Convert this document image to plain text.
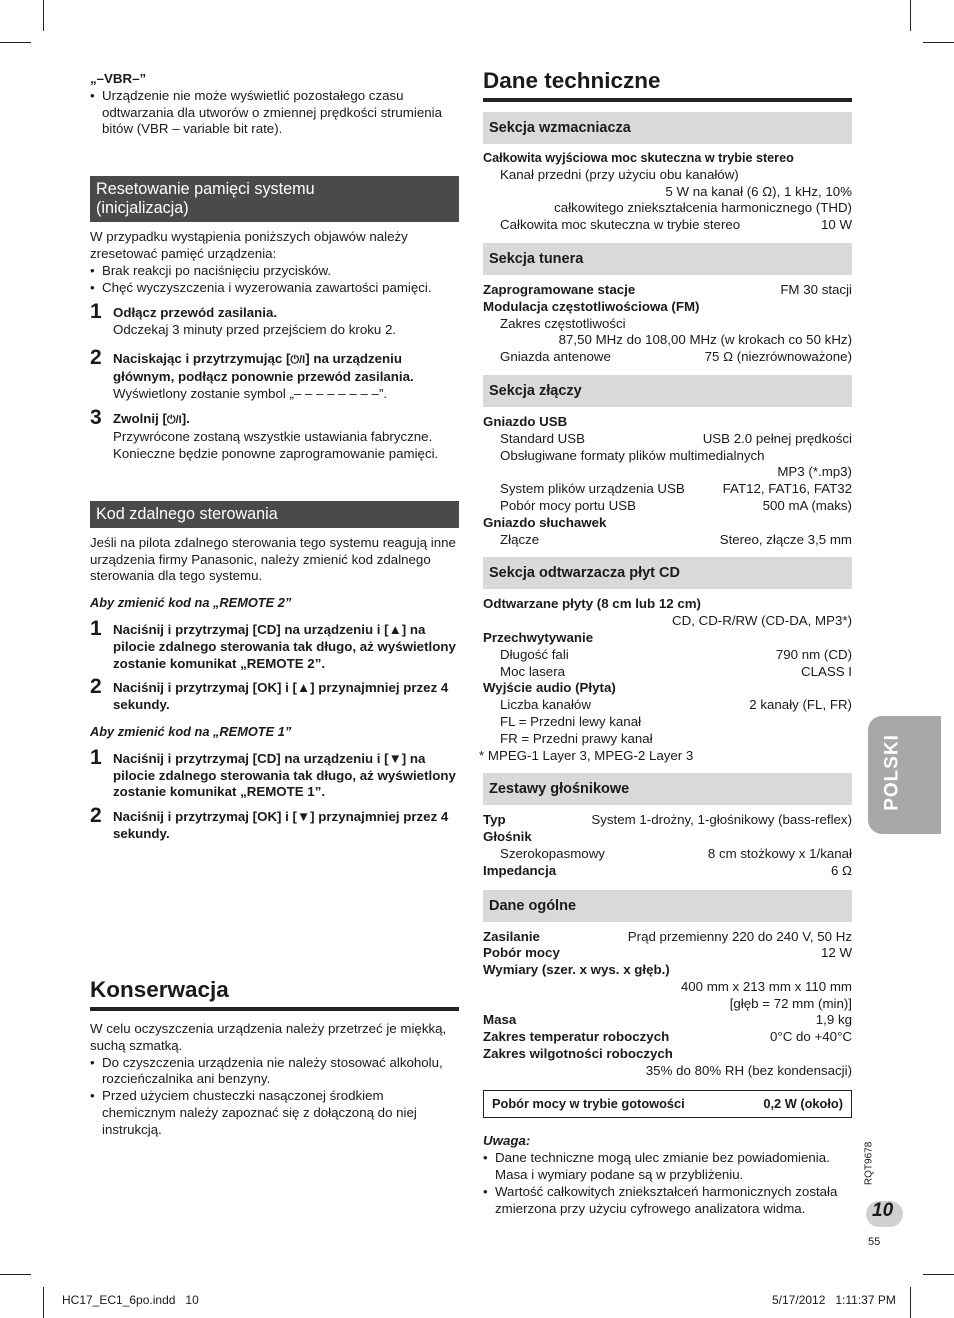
HC17_EC1_6po.indd   10	5/17/2012   1:11:37 PM
POLSKI
RQT9678
10
55
„–VBR–”
• Urządzenie nie może wyświetlić pozostałego czasu odtwarzania dla utworów o zmiennej prędkości strumienia bitów (VBR – variable bit rate).
Resetowanie pamięci systemu (inicjalizacja)
W przypadku wystąpienia poniższych objawów należy zresetować pamięć urządzenia:
• Brak reakcji po naciśnięciu przycisków.
• Chęć wyczyszczenia i wyzerowania zawartości pamięci.
1 Odłącz przewód zasilania.
Odczekaj 3 minuty przed przejściem do kroku 2.
2 Naciskając i przytrzymując [⏻/I] na urządzeniu głównym, podłącz ponownie przewód zasilania.
Wyświetlony zostanie symbol „– – – – – – – –”.
3 Zwolnij [⏻/I].
Przywrócone zostaną wszystkie ustawiania fabryczne. Konieczne będzie ponowne zaprogramowanie pamięci.
Kod zdalnego sterowania
Jeśli na pilota zdalnego sterowania tego systemu reagują inne urządzenia firmy Panasonic, należy zmienić kod zdalnego sterowania dla tego systemu.
Aby zmienić kod na „REMOTE 2”
1 Naciśnij i przytrzymaj [CD] na urządzeniu i [▲] na pilocie zdalnego sterowania tak długo, aż wyświetlony zostanie komunikat „REMOTE 2”.
2 Naciśnij i przytrzymaj [OK] i [▲] przynajmniej przez 4 sekundy.
Aby zmienić kod na „REMOTE 1”
1 Naciśnij i przytrzymaj [CD] na urządzeniu i [▼] na pilocie zdalnego sterowania tak długo, aż wyświetlony zostanie komunikat „REMOTE 1”.
2 Naciśnij i przytrzymaj [OK] i [▼] przynajmniej przez 4 sekundy.
Konserwacja
W celu oczyszczenia urządzenia należy przetrzeć je miękką, suchą szmatką.
• Do czyszczenia urządzenia nie należy stosować alkoholu, rozcieńczalnika ani benzyny.
• Przed użyciem chusteczki nasączonej środkiem chemicznym należy zapoznać się z dołączoną do niej instrukcją.
Dane techniczne
Sekcja wzmacniacza
Całkowita wyjściowa moc skuteczna w trybie stereo
Kanał przedni (przy użyciu obu kanałów)
5 W na kanał (6 Ω), 1 kHz, 10%
całkowitego zniekształcenia harmonicznego (THD)
Całkowita moc skuteczna w trybie stereo	10 W
Sekcja tunera
Zaprogramowane stacje	FM 30 stacji
Modulacja częstotliwościowa (FM)
Zakres częstotliwości
87,50 MHz do 108,00 MHz (w krokach co 50 kHz)
Gniazda antenowe	75 Ω (niezrównoważone)
Sekcja złączy
Gniazdo USB
Standard USB	USB 2.0 pełnej prędkości
Obsługiwane formaty plików multimedialnych
MP3 (*.mp3)
System plików urządzenia USB	FAT12, FAT16, FAT32
Pobór mocy portu USB	500 mA (maks)
Gniazdo słuchawek
Złącze	Stereo, złącze 3,5 mm
Sekcja odtwarzacza płyt CD
Odtwarzane płyty (8 cm lub 12 cm)
CD, CD-R/RW (CD-DA, MP3*)
Przechwytywanie
Długość fali	790 nm (CD)
Moc lasera	CLASS I
Wyjście audio (Płyta)
Liczba kanałów	2 kanały (FL, FR)
FL = Przedni lewy kanał
FR = Przedni prawy kanał
* MPEG-1 Layer 3, MPEG-2 Layer 3
Zestawy głośnikowe
Typ	System 1-drożny, 1-głośnikowy (bass-reflex)
Głośnik
Szerokopasmowy	8 cm stożkowy x 1/kanał
Impedancja	6 Ω
Dane ogólne
Zasilanie	Prąd przemienny 220 do 240 V, 50 Hz
Pobór mocy	12 W
Wymiary (szer. x wys. x głęb.)
400 mm x 213 mm x 110 mm
[głęb = 72 mm (min)]
Masa	1,9 kg
Zakres temperatur roboczych	0°C do +40°C
Zakres wilgotności roboczych
35% do 80% RH (bez kondensacji)
Pobór mocy w trybie gotowości	0,2 W (około)
Uwaga:
• Dane techniczne mogą ulec zmianie bez powiadomienia. Masa i wymiary podane są w przybliżeniu.
• Wartość całkowitych zniekształceń harmonicznych została zmierzona przy użyciu cyfrowego analizatora widma.
